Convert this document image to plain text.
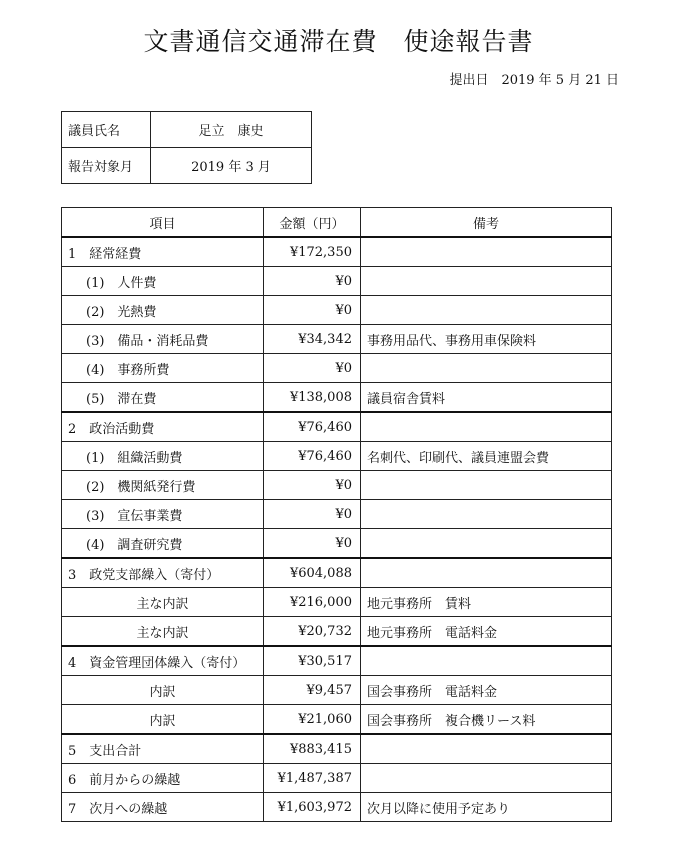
文書通信交通滞在費　使途報告書
提出日　2019 年 5 月 21 日
議員氏名	足立　康史
報告対象月	2019 年 3 月
項目	金額（円）	備考
1　経常経費	¥172,350	
(1)　人件費	¥0	
(2)　光熱費	¥0	
(3)　備品・消耗品費	¥34,342	事務用品代、事務用車保険料
(4)　事務所費	¥0	
(5)　滞在費	¥138,008	議員宿舎賃料
2　政治活動費	¥76,460	
(1)　組織活動費	¥76,460	名刺代、印刷代、議員連盟会費
(2)　機関紙発行費	¥0	
(3)　宣伝事業費	¥0	
(4)　調査研究費	¥0	
3　政党支部繰入（寄付）	¥604,088	
主な内訳	¥216,000	地元事務所　賃料
主な内訳	¥20,732	地元事務所　電話料金
4　資金管理団体繰入（寄付）	¥30,517	
内訳	¥9,457	国会事務所　電話料金
内訳	¥21,060	国会事務所　複合機リース料
5　支出合計	¥883,415	
6　前月からの繰越	¥1,487,387	
7　次月への繰越	¥1,603,972	次月以降に使用予定あり
